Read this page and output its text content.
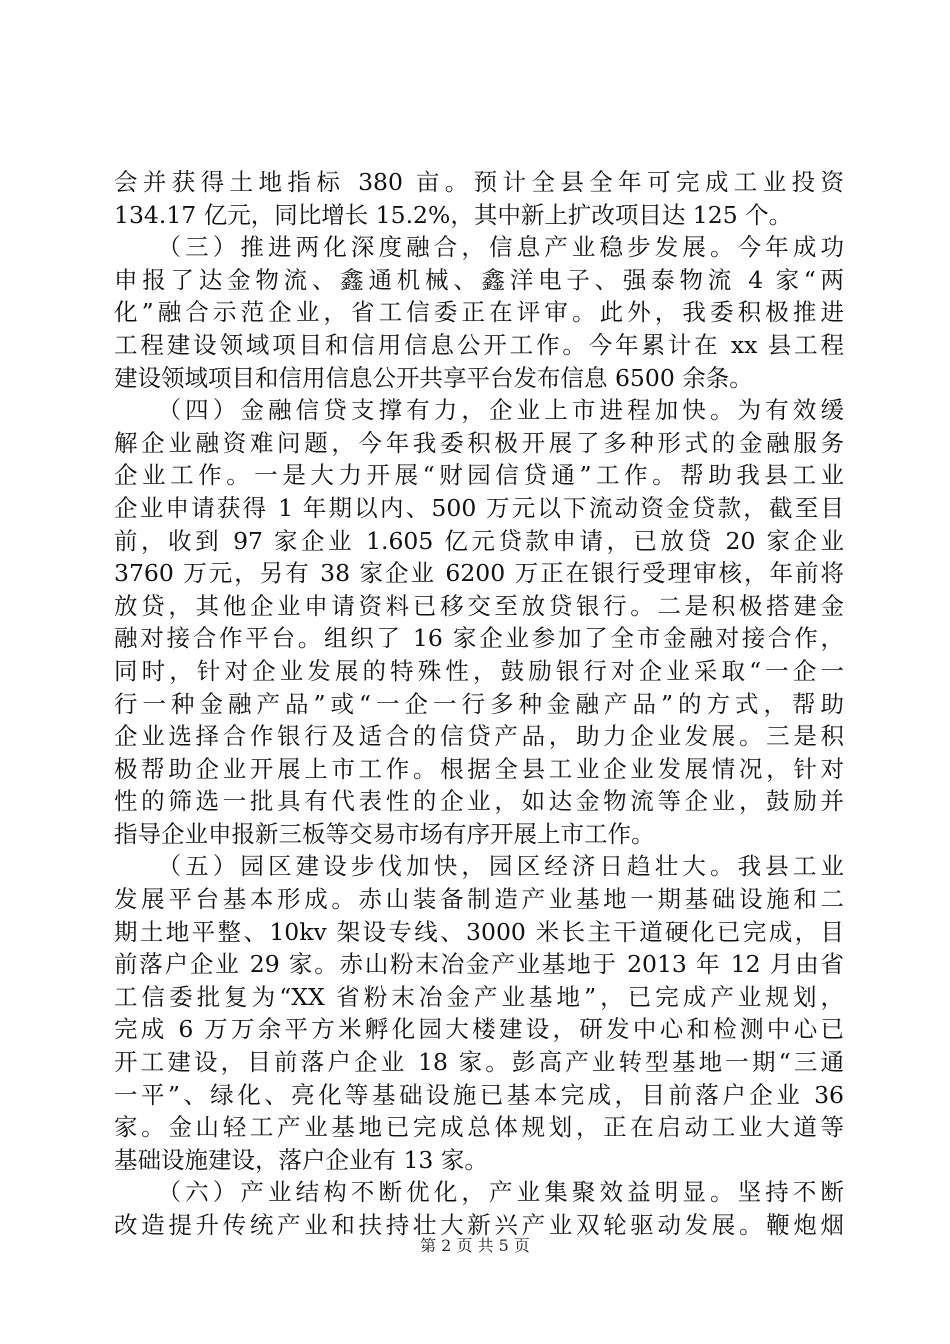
会并获得土地指标 380 亩。预计全县全年可完成工业投资
134.17 亿元，同比增长 15.2%，其中新上扩改项目达 125 个。
　　（三）推进两化深度融合，信息产业稳步发展。今年成功
申报了达金物流、鑫通机械、鑫洋电子、强泰物流 4 家“两
化”融合示范企业，省工信委正在评审。此外，我委积极推进
工程建设领域项目和信用信息公开工作。今年累计在 xx 县工程
建设领域项目和信用信息公开共享平台发布信息 6500 余条。
　　（四）金融信贷支撑有力，企业上市进程加快。为有效缓
解企业融资难问题，今年我委积极开展了多种形式的金融服务
企业工作。一是大力开展“财园信贷通”工作。帮助我县工业
企业申请获得 1 年期以内、500 万元以下流动资金贷款，截至目
前，收到 97 家企业 1.605 亿元贷款申请，已放贷 20 家企业
3760 万元，另有 38 家企业 6200 万正在银行受理审核，年前将
放贷，其他企业申请资料已移交至放贷银行。二是积极搭建金
融对接合作平台。组织了 16 家企业参加了全市金融对接合作，
同时，针对企业发展的特殊性，鼓励银行对企业采取“一企一
行一种金融产品”或“一企一行多种金融产品”的方式，帮助
企业选择合作银行及适合的信贷产品，助力企业发展。三是积
极帮助企业开展上市工作。根据全县工业企业发展情况，针对
性的筛选一批具有代表性的企业，如达金物流等企业，鼓励并
指导企业申报新三板等交易市场有序开展上市工作。
　　（五）园区建设步伐加快，园区经济日趋壮大。我县工业
发展平台基本形成。赤山装备制造产业基地一期基础设施和二
期土地平整、10kv 架设专线、3000 米长主干道硬化已完成，目
前落户企业 29 家。赤山粉末冶金产业基地于 2013 年 12 月由省
工信委批复为“XX 省粉末冶金产业基地”，已完成产业规划，
完成 6 万万余平方米孵化园大楼建设，研发中心和检测中心已
开工建设，目前落户企业 18 家。彭高产业转型基地一期“三通
一平”、绿化、亮化等基础设施已基本完成，目前落户企业 36
家。金山轻工产业基地已完成总体规划，正在启动工业大道等
基础设施建设，落户企业有 13 家。
　　（六）产业结构不断优化，产业集聚效益明显。坚持不断
改造提升传统产业和扶持壮大新兴产业双轮驱动发展。鞭炮烟
第 2 页 共 5 页
